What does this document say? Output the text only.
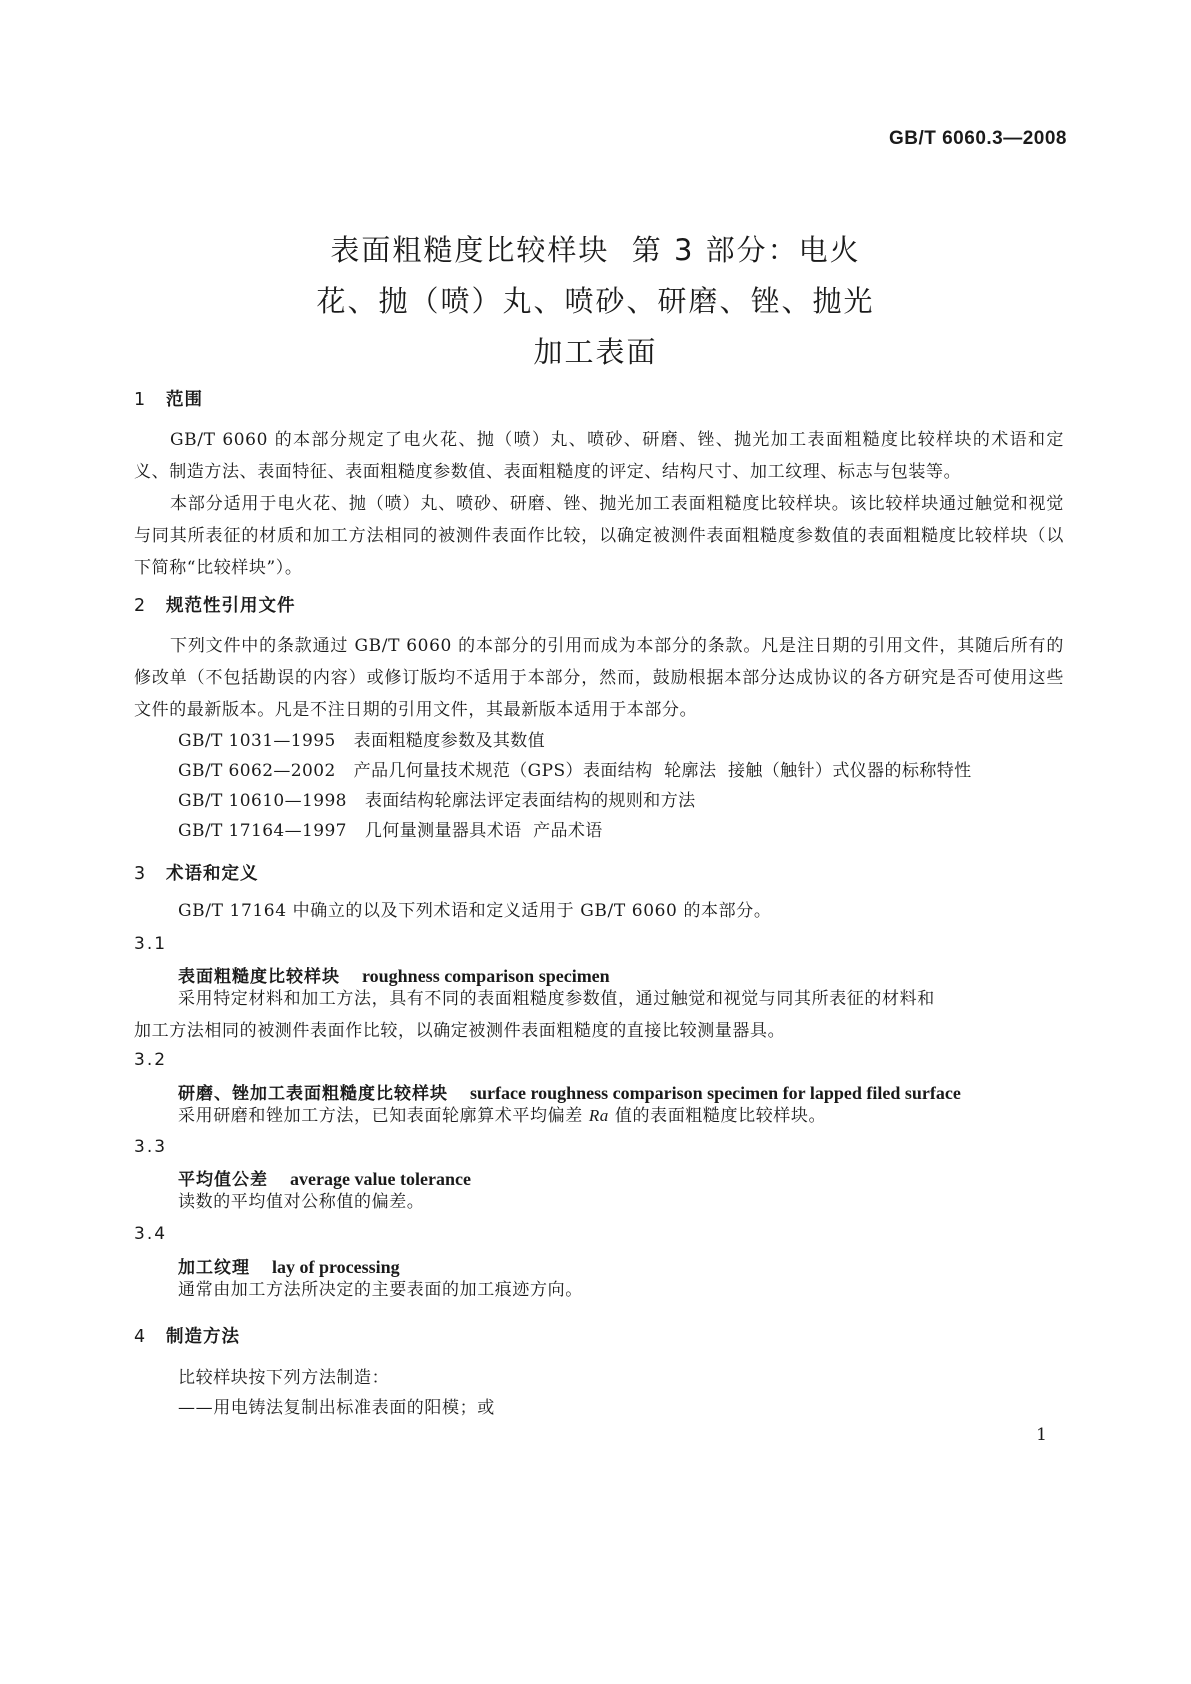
GB/T 6060.3—2008
表面粗糙度比较样块  第 3 部分：电火
花、抛（喷）丸、喷砂、研磨、锉、抛光
加工表面
1 范围
GB/T 6060 的本部分规定了电火花、抛（喷）丸、喷砂、研磨、锉、抛光加工表面粗糙度比较样块的术语和定义、制造方法、表面特征、表面粗糙度参数值、表面粗糙度的评定、结构尺寸、加工纹理、标志与包装等。
本部分适用于电火花、抛（喷）丸、喷砂、研磨、锉、抛光加工表面粗糙度比较样块。该比较样块通过触觉和视觉与同其所表征的材质和加工方法相同的被测件表面作比较，以确定被测件表面粗糙度参数值的表面粗糙度比较样块（以下简称“比较样块”）。
2 规范性引用文件
下列文件中的条款通过 GB/T 6060 的本部分的引用而成为本部分的条款。凡是注日期的引用文件，其随后所有的修改单（不包括勘误的内容）或修订版均不适用于本部分，然而，鼓励根据本部分达成协议的各方研究是否可使用这些文件的最新版本。凡是不注日期的引用文件，其最新版本适用于本部分。
GB/T 1031—1995 表面粗糙度参数及其数值
GB/T 6062—2002 产品几何量技术规范（GPS）表面结构  轮廓法  接触（触针）式仪器的标称特性
GB/T 10610—1998 表面结构轮廓法评定表面结构的规则和方法
GB/T 17164—1997 几何量测量器具术语  产品术语
3 术语和定义
GB/T 17164 中确立的以及下列术语和定义适用于 GB/T 6060 的本部分。
3.1
表面粗糙度比较样块 roughness comparison specimen
采用特定材料和加工方法，具有不同的表面粗糙度参数值，通过触觉和视觉与同其所表征的材料和
加工方法相同的被测件表面作比较，以确定被测件表面粗糙度的直接比较测量器具。
3.2
研磨、锉加工表面粗糙度比较样块 surface roughness comparison specimen for lapped filed surface
采用研磨和锉加工方法，已知表面轮廓算术平均偏差 Ra 值的表面粗糙度比较样块。
3.3
平均值公差 average value tolerance
读数的平均值对公称值的偏差。
3.4
加工纹理 lay of processing
通常由加工方法所决定的主要表面的加工痕迹方向。
4 制造方法
比较样块按下列方法制造：
——用电铸法复制出标准表面的阳模；或
1
